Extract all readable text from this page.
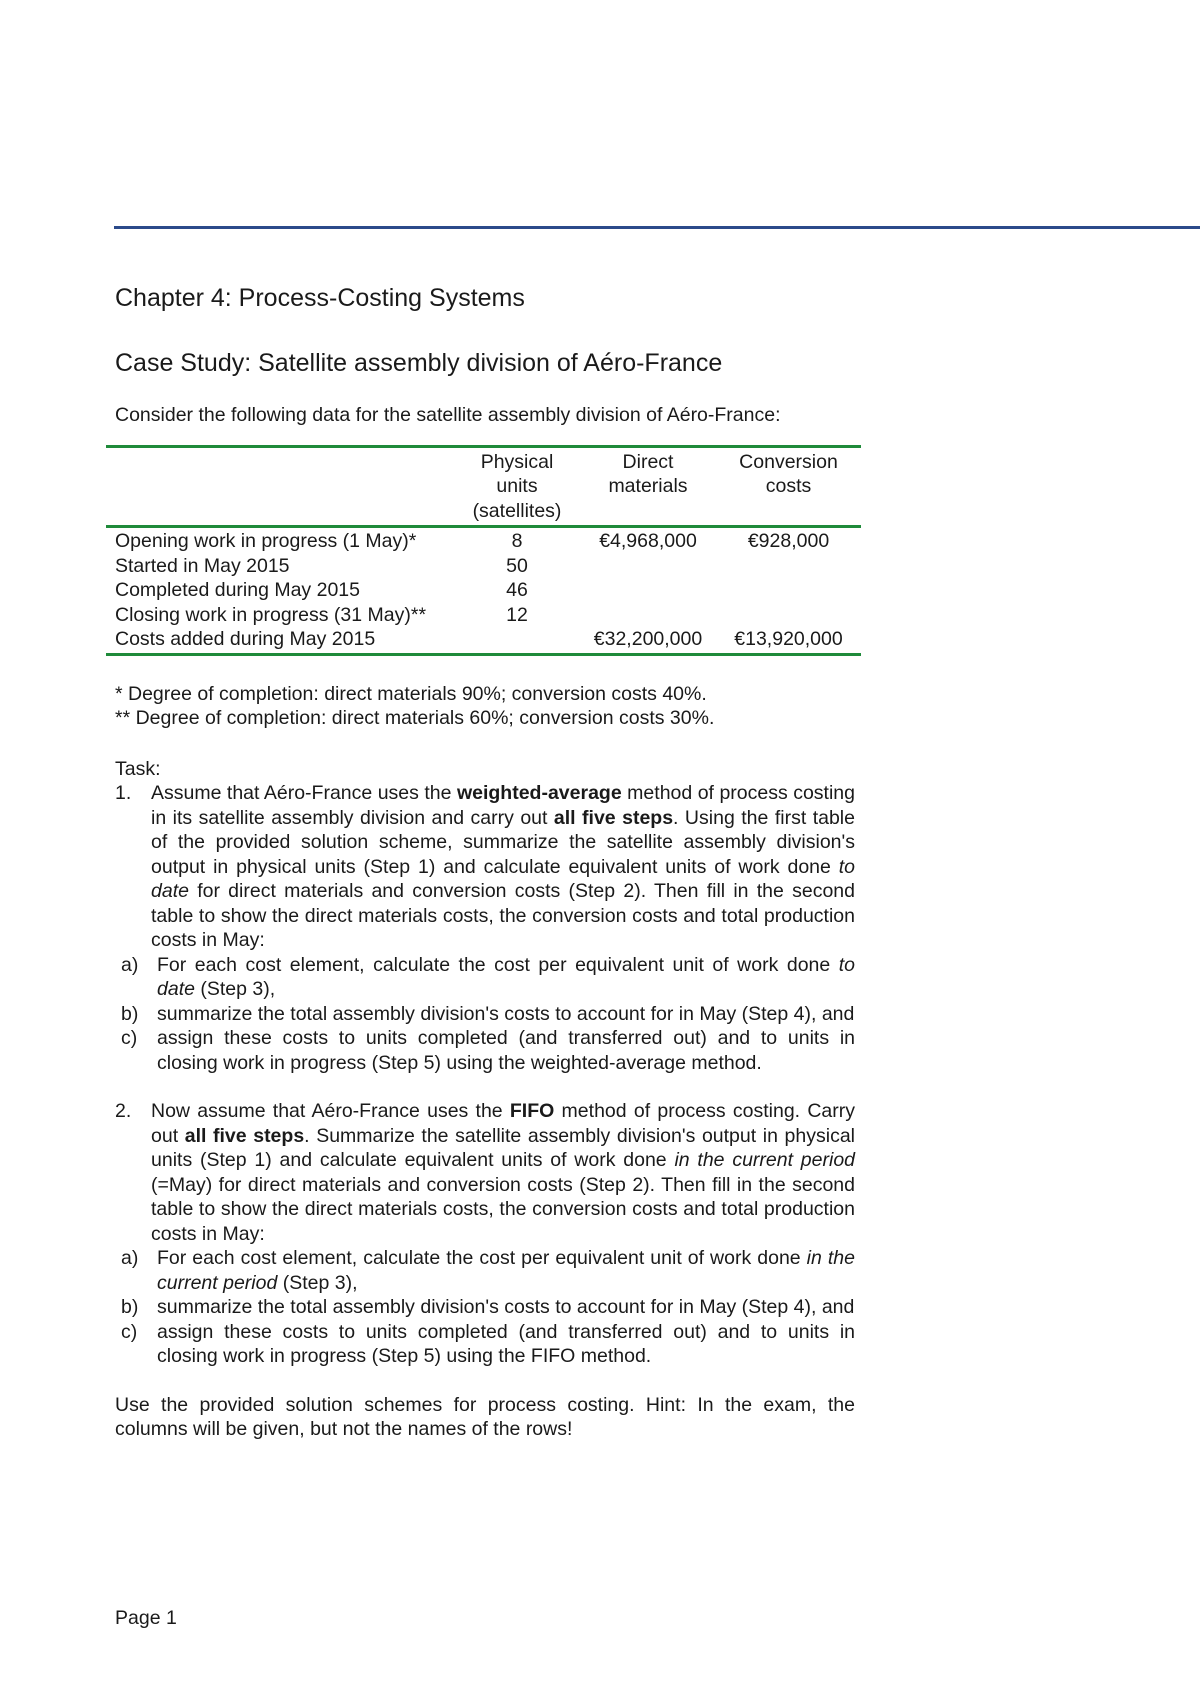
Chapter 4: Process-Costing Systems
Case Study: Satellite assembly division of Aéro-France

Consider the following data for the satellite assembly division of Aéro-France:

	Physical units (satellites)	Direct materials	Conversion costs
Opening work in progress (1 May)*	8	€4,968,000	€928,000
Started in May 2015	50		
Completed during May 2015	46		
Closing work in progress (31 May)**	12		
Costs added during May 2015		€32,200,000	€13,920,000

* Degree of completion: direct materials 90%; conversion costs 40%.

** Degree of completion: direct materials 60%; conversion costs 30%.

Task:

1. Assume that Aéro-France uses the weighted-average method of process costing in its satellite assembly division and carry out all five steps. Using the first table of the provided solution scheme, summarize the satellite assembly division's output in physical units (Step 1) and calculate equivalent units of work done to date for direct materials and conversion costs (Step 2). Then fill in the second table to show the direct materials costs, the conversion costs and total production costs in May:
a) For each cost element, calculate the cost per equivalent unit of work done to date (Step 3),
b) summarize the total assembly division's costs to account for in May (Step 4), and
c) assign these costs to units completed (and transferred out) and to units in closing work in progress (Step 5) using the weighted-average method.
2. Now assume that Aéro-France uses the FIFO method of process costing. Carry out all five steps. Summarize the satellite assembly division's output in physical units (Step 1) and calculate equivalent units of work done in the current period (=May) for direct materials and conversion costs (Step 2). Then fill in the second table to show the direct materials costs, the conversion costs and total production costs in May:
a) For each cost element, calculate the cost per equivalent unit of work done in the current period (Step 3),
b) summarize the total assembly division's costs to account for in May (Step 4), and
c) assign these costs to units completed (and transferred out) and to units in closing work in progress (Step 5) using the FIFO method.

Use the provided solution schemes for process costing. Hint: In the exam, the columns will be given, but not the names of the rows!

Page 1
